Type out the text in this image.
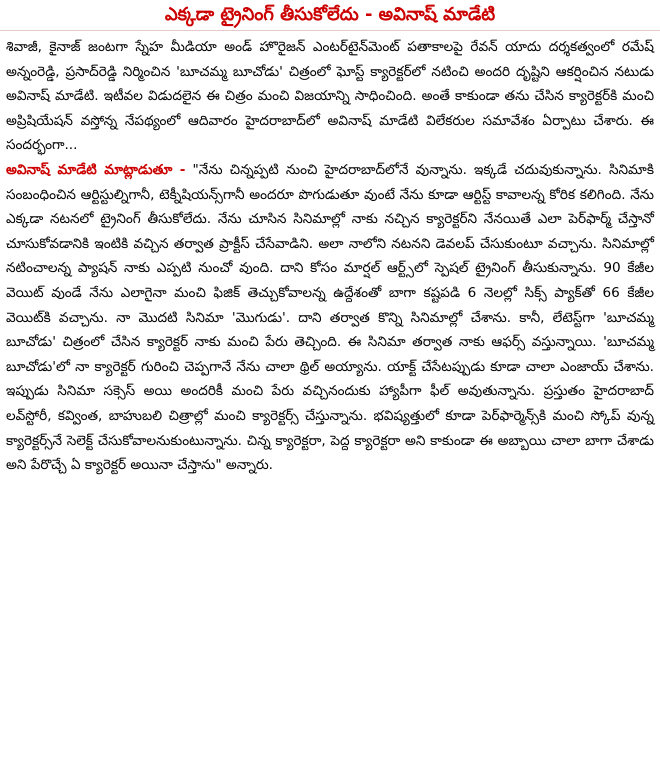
ఎక్కడా ట్రైనింగ్ తీసుకోలేదు - అవినాష్ మాడేటి

శివాజీ, కైనాజ్ జంటగా స్నేహ మీడియా అండ్ హొరైజన్ ఎంటర్‌టైన్‌మెంట్ పతాకాలపై రేవన్ యాదు దర్శకత్వంలో రమేష్ అన్నంరెడ్డి, ప్రసాద్‌రెడ్డి నిర్మించిన 'బూచమ్మ బూచోడు' చిత్రంలో ఘోస్ట్ క్యారెక్టర్‌లో నటించి అందరి దృష్టిని ఆకర్షించిన నటుడు అవినాష్ మాడేటి. ఇటీవల విడుదలైన ఈ చిత్రం మంచి విజయాన్ని సాధించింది. అంతే కాకుండా తను చేసిన క్యారెక్టర్‌కి మంచి అప్రిషియేషన్ వస్తోన్న నేపథ్యంలో ఆదివారం హైదరాబాద్‌లో అవినాష్ మాడేటి విలేకరుల సమావేశం ఏర్పాటు చేశారు. ఈ సందర్భంగా...

అవినాష్ మాడేటి మాట్లాడుతూ - "నేను చిన్నప్పటి నుంచి హైదరాబాద్‌లోనే వున్నాను. ఇక్కడే చదువుకున్నాను. సినిమాకి సంబంధించిన ఆర్టిస్టుల్నిగానీ, టెక్నీషియన్స్‌గానీ అందరూ పొగుడుతూ వుంటే నేను కూడా ఆర్టిస్ట్ కావాలన్న కోరిక కలిగింది. నేను ఎక్కడా నటనలో ట్రైనింగ్ తీసుకోలేదు. నేను చూసిన సినిమాల్లో నాకు నచ్చిన క్యారెక్టర్‌ని నేనయితే ఎలా పెర్‌ఫార్మ్ చేస్తానో చూసుకోవడానికి ఇంటికి వచ్చిన తర్వాత ప్రాక్టీస్ చేసేవాడిని. అలా నాలోని నటనని డెవలప్ చేసుకుంటూ వచ్చాను. సినిమాల్లో నటించాలన్న ప్యాషన్ నాకు ఎప్పటి నుంచో వుంది. దాని కోసం మార్షల్ ఆర్ట్స్‌లో స్పెషల్ ట్రైనింగ్ తీసుకున్నాను. 90 కేజీల వెయిట్ వుండే నేను ఎలాగైనా మంచి ఫిజిక్ తెచ్చుకోవాలన్న ఉద్దేశంతో బాగా కష్టపడి 6 నెలల్లో సిక్స్ ప్యాక్‌తో 66 కేజీల వెయిట్‌కి వచ్చాను. నా మొదటి సినిమా 'మొగుడు'. దాని తర్వాత కొన్ని సినిమాల్లో చేశాను. కానీ, లేటెస్ట్‌గా 'బూచమ్మ బూచోడు' చిత్రంలో చేసిన క్యారెక్టర్ నాకు మంచి పేరు తెచ్చింది. ఈ సినిమా తర్వాత నాకు ఆఫర్స్ వస్తున్నాయి. 'బూచమ్మ బూచోడు'లో నా క్యారెక్టర్ గురించి చెప్పగానే నేను చాలా థ్రిల్ అయ్యాను. యాక్ట్ చేసేటప్పుడు కూడా చాలా ఎంజాయ్ చేశాను. ఇప్పుడు సినిమా సక్సెస్ అయి అందరికీ మంచి పేరు వచ్చినందుకు హ్యాపీగా ఫీల్ అవుతున్నాను. ప్రస్తుతం హైదరాబాద్ లవ్‌స్టోరీ, కవ్వింత, బాహుబలి చిత్రాల్లో మంచి క్యారెక్టర్స్ చేస్తున్నాను. భవిష్యత్తులో కూడా పెర్‌ఫార్మెన్స్‌కి మంచి స్కోప్ వున్న క్యారెక్టర్స్‌నే సెలెక్ట్ చేసుకోవాలనుకుంటున్నాను. చిన్న క్యారెక్టరా, పెద్ద క్యారెక్టరా అని కాకుండా ఈ అబ్బాయి చాలా బాగా చేశాడు అని పేరొచ్చే ఏ క్యారెక్టర్ అయినా చేస్తాను" అన్నారు.
